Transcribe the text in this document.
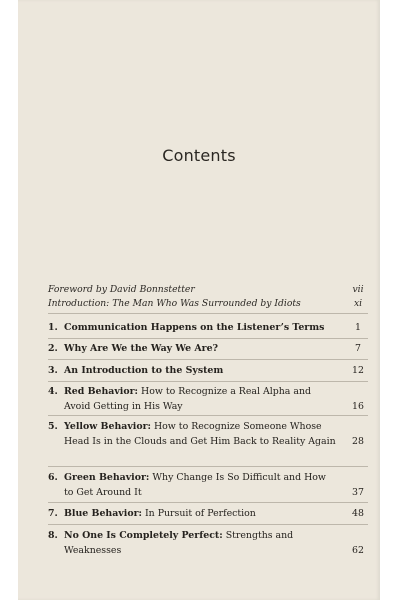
Contents
Foreword by David Bonnstetter	vii
Introduction: The Man Who Was Surrounded by Idiots	xi
1. Communication Happens on the Listener’s Terms	1
2. Why Are We the Way We Are?	7
3. An Introduction to the System	12
4. Red Behavior: How to Recognize a Real Alpha and Avoid Getting in His Way	16
5. Yellow Behavior: How to Recognize Someone Whose Head Is in the Clouds and Get Him Back to Reality Again	28
6. Green Behavior: Why Change Is So Difficult and How to Get Around It	37
7. Blue Behavior: In Pursuit of Perfection	48
8. No One Is Completely Perfect: Strengths and Weaknesses	62
